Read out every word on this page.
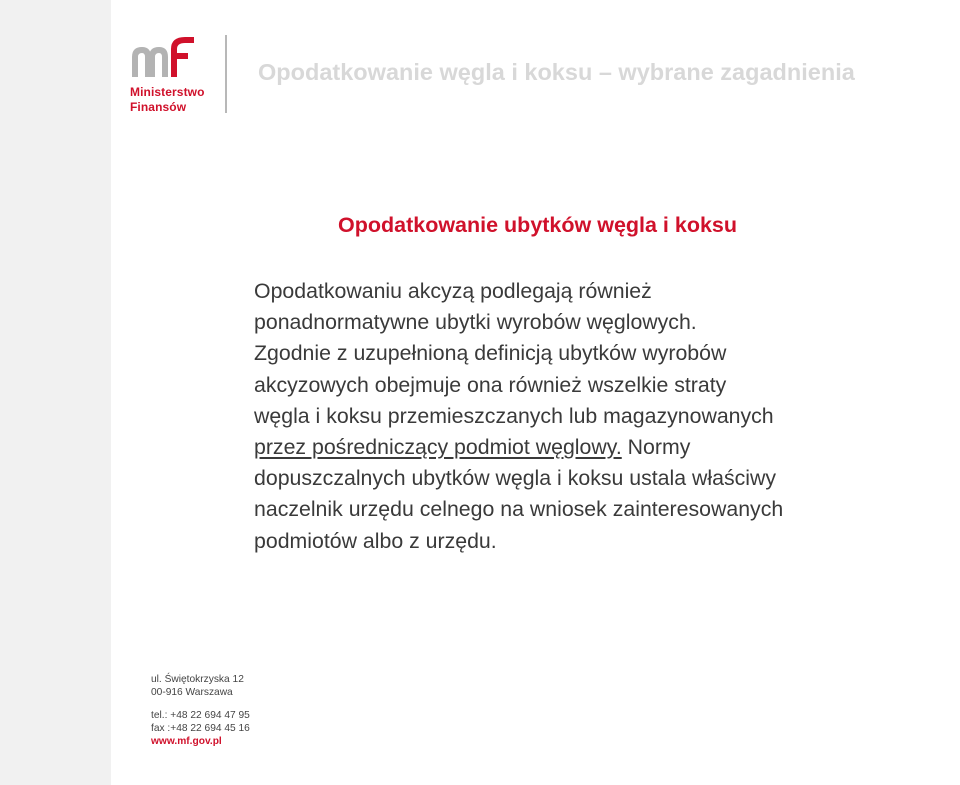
Ministerstwo
Finansów
Opodatkowanie węgla i koksu – wybrane zagadnienia
Opodatkowanie ubytków węgla i koksu
Opodatkowaniu akcyzą podlegają również
ponadnormatywne ubytki wyrobów węglowych.
Zgodnie z uzupełnioną definicją ubytków wyrobów
akcyzowych obejmuje ona również wszelkie straty
węgla i koksu przemieszczanych lub magazynowanych
przez pośredniczący podmiot węglowy. Normy
dopuszczalnych ubytków węgla i koksu ustala właściwy
naczelnik urzędu celnego na wniosek zainteresowanych
podmiotów albo z urzędu.
ul. Świętokrzyska 12
00-916 Warszawa
tel.: +48 22 694 47 95
fax :+48 22 694 45 16
www.mf.gov.pl
